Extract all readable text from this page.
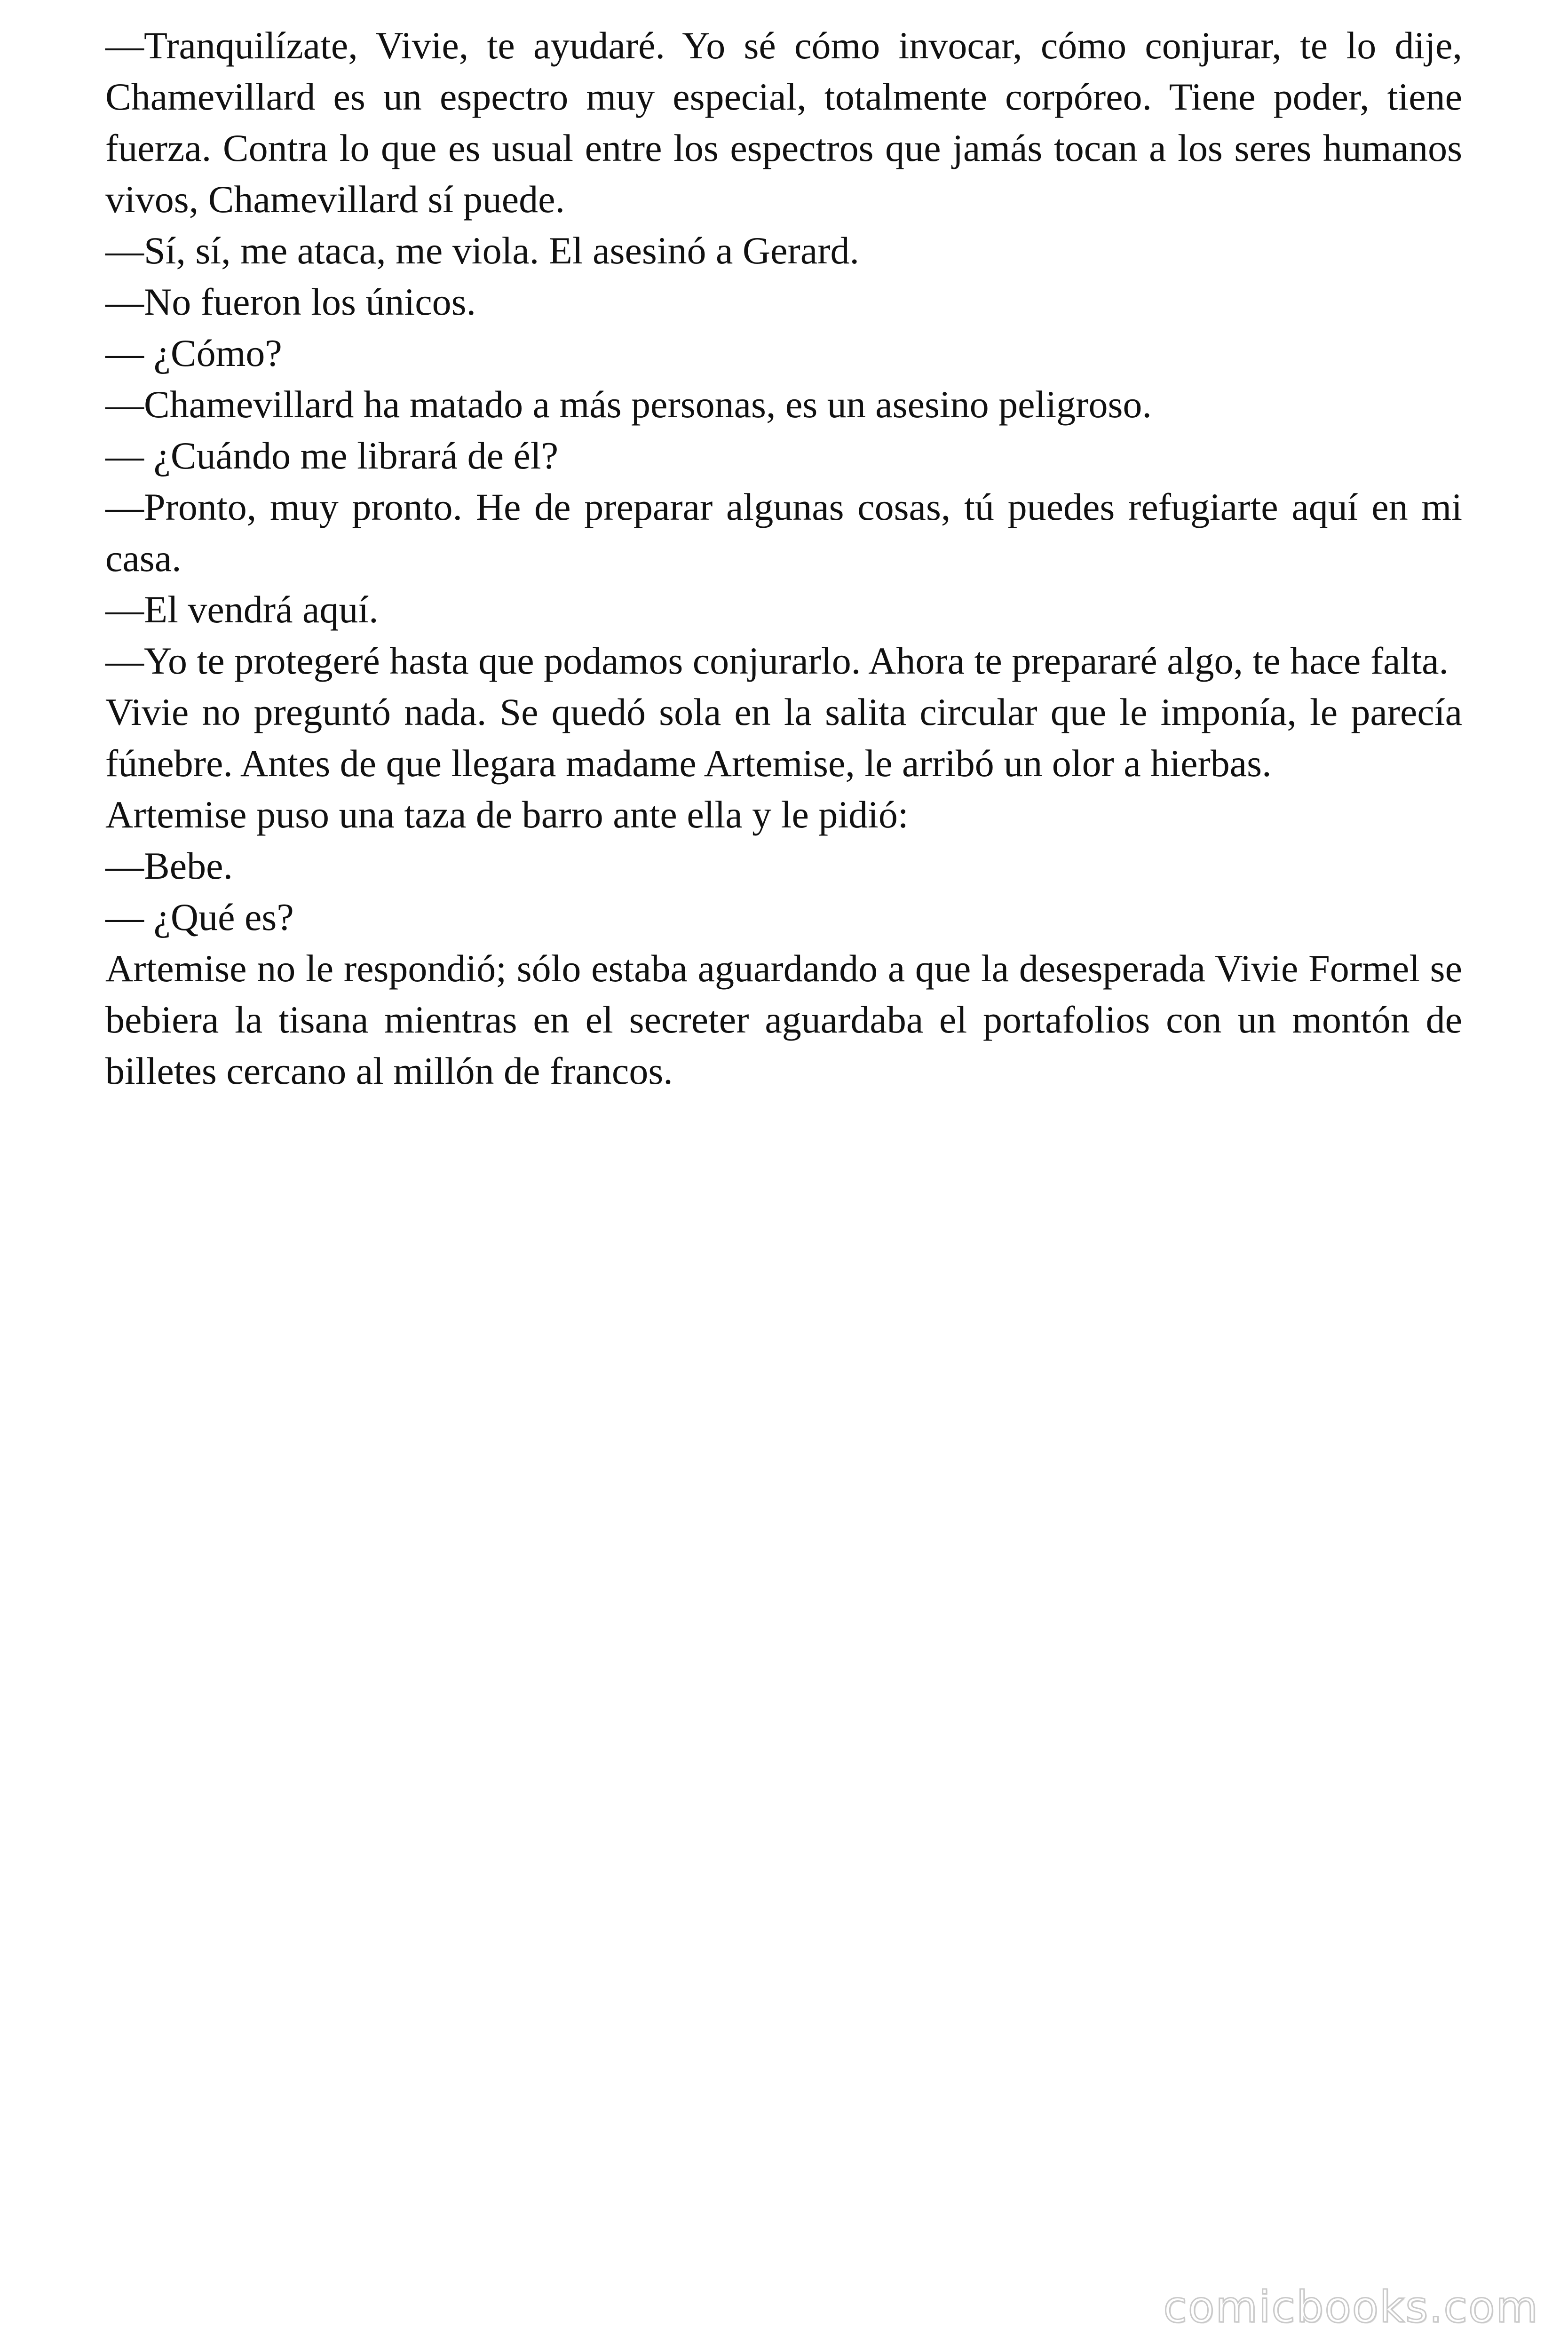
—Tranquilízate, Vivie, te ayudaré. Yo sé cómo invocar, cómo conjurar, te lo dije, Chamevillard es un espectro muy especial, totalmente corpóreo. Tiene poder, tiene fuerza. Contra lo que es usual entre los espectros que jamás tocan a los seres humanos vivos, Chamevillard sí puede.

—Sí, sí, me ataca, me viola. El asesinó a Gerard.

—No fueron los únicos.

— ¿Cómo?

—Chamevillard ha matado a más personas, es un asesino peligroso.

— ¿Cuándo me librará de él?

—Pronto, muy pronto. He de preparar algunas cosas, tú puedes refugiarte aquí en mi casa.

—El vendrá aquí.

—Yo te protegeré hasta que podamos conjurarlo. Ahora te prepararé algo, te hace falta.

Vivie no preguntó nada. Se quedó sola en la salita circular que le imponía, le parecía fúnebre. Antes de que llegara madame Artemise, le arribó un olor a hierbas.

Artemise puso una taza de barro ante ella y le pidió:

—Bebe.

— ¿Qué es?

Artemise no le respondió; sólo estaba aguardando a que la desesperada Vivie Formel se bebiera la tisana mientras en el secreter aguardaba el portafolios con un montón de billetes cercano al millón de francos.

comicbooks.com
